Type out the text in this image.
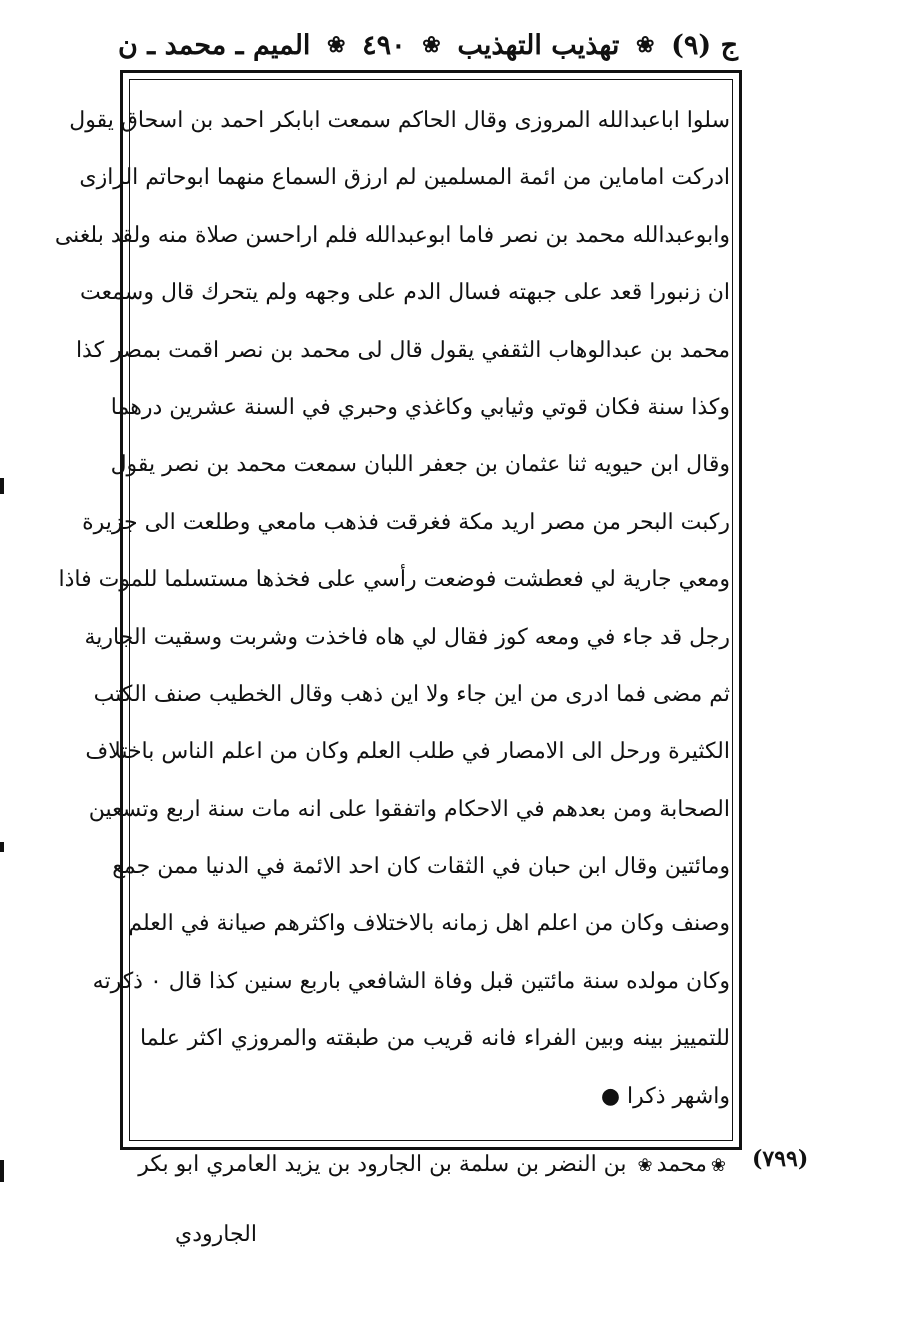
ج (٩)
❀
تهذيب التهذيب
❀
٤٩٠
❀
الميم ـ محمد ـ ن
سلوا اباعبدالله المروزى وقال الحاكم سمعت ابابكر احمد بن اسحاق يقول
ادركت اماماين من ائمة المسلمين لم ارزق السماع منهما ابوحاتم الرازى
وابوعبدالله محمد بن نصر فاما ابوعبدالله فلم اراحسن صلاة منه ولقد بلغنى
ان زنبورا قعد على جبهته فسال الدم على وجهه ولم يتحرك قال وسمعت
محمد بن عبدالوهاب الثقفي يقول قال لى محمد بن نصر اقمت بمصر كذا
وكذا سنة فكان قوتي وثيابي وكاغذي وحبري في السنة عشرين درهما
وقال ابن حيويه ثنا عثمان بن جعفر اللبان سمعت محمد بن نصر يقول
ركبت البحر من مصر اريد مكة فغرقت فذهب مامعي وطلعت الى جزيرة
ومعي جارية لي فعطشت فوضعت رأسي على فخذها مستسلما للموت فاذا
رجل قد جاء في ومعه كوز فقال لي هاه فاخذت وشربت وسقيت الجارية
ثم مضى فما ادرى من اين جاء ولا اين ذهب وقال الخطيب صنف الكتب
الكثيرة ورحل الى الامصار في طلب العلم وكان من اعلم الناس باختلاف
الصحابة ومن بعدهم في الاحكام واتفقوا على انه مات سنة اربع وتسعين
ومائتين وقال ابن حبان في الثقات كان احد الائمة في الدنيا ممن جمع
وصنف وكان من اعلم اهل زمانه بالاختلاف واكثرهم صيانة في العلم
وكان مولده سنة مائتين قبل وفاة الشافعي باربع سنين كذا قال ٠ ذكرته
للتمييز بينه وبين الفراء فانه قريب من طبقته والمروزي اكثر علما
واشهر ذكرا ●
(٧٩٩)
❀محمد❀ بن النضر بن سلمة بن الجارود بن يزيد العامري ابو بكر
الجارودي
